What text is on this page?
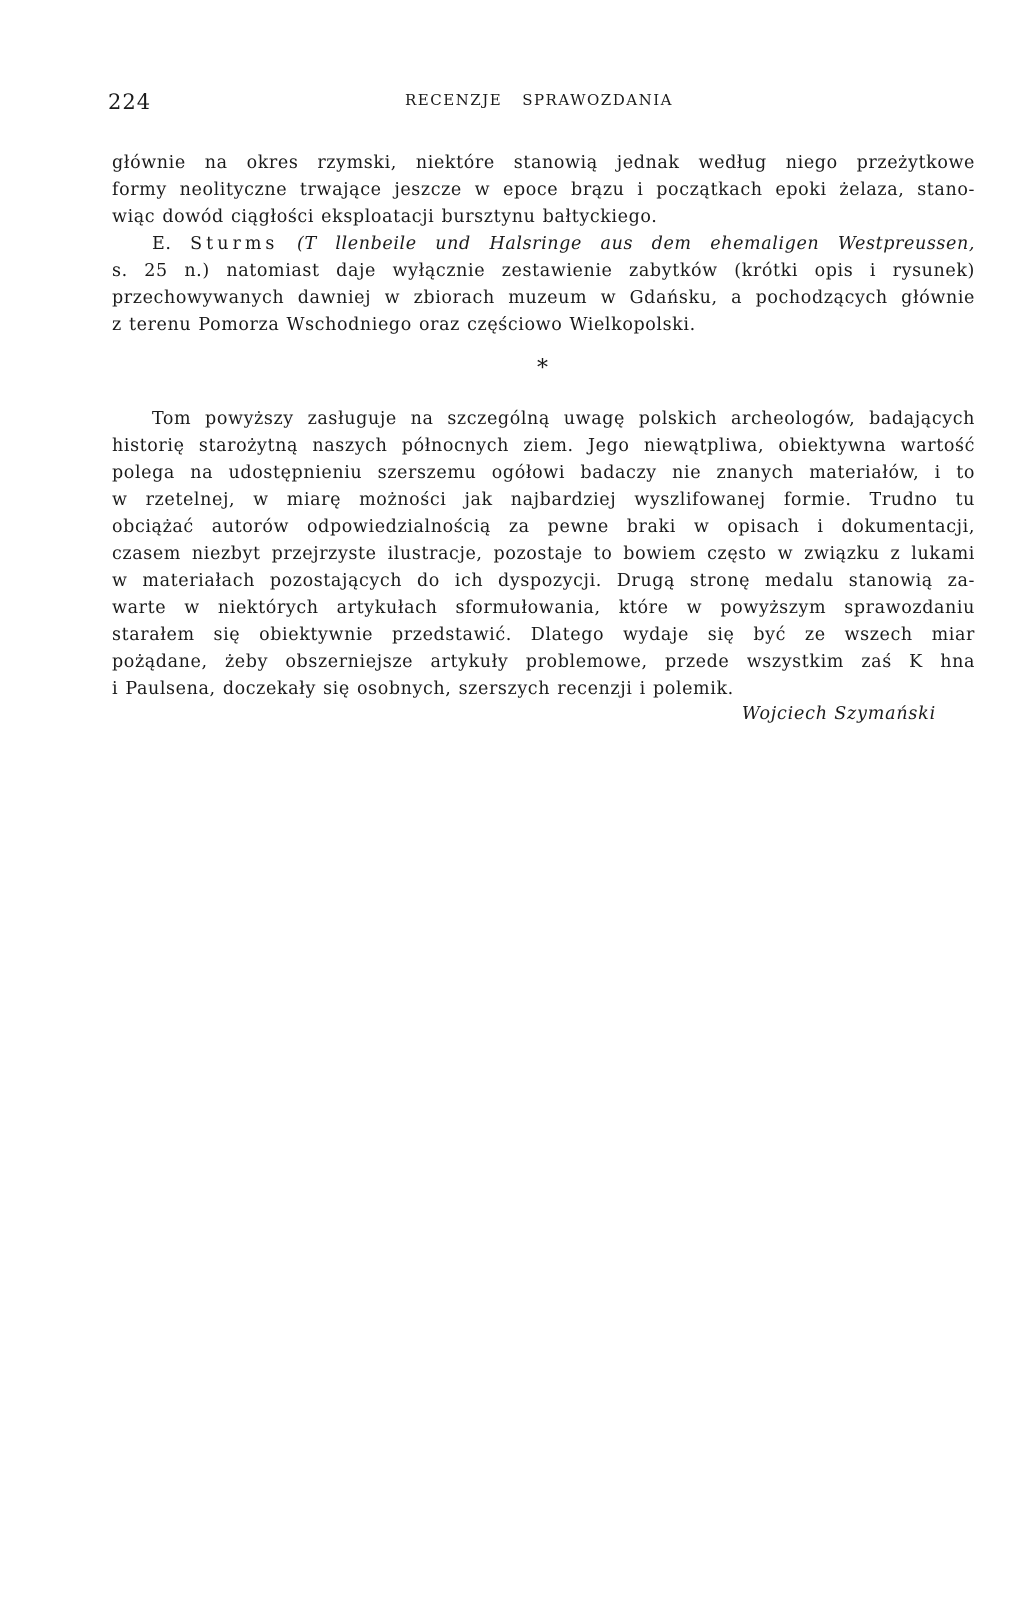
224	RECENZJE SPRAWOZDANIA
głównie na okres rzymski, niektóre stanowią jednak według niego przeżytkowe
formy neolityczne trwające jeszcze w epoce brązu i początkach epoki żelaza, stano-
wiąc dowód ciągłości eksploatacji bursztynu bałtyckiego.
E. Sturms (T llenbeile und Halsringe aus dem ehemaligen Westpreussen,
s. 25 n.) natomiast daje wyłącznie zestawienie zabytków (krótki opis i rysunek)
przechowywanych dawniej w zbiorach muzeum w Gdańsku, a pochodzących głównie
z terenu Pomorza Wschodniego oraz częściowo Wielkopolski.
*
Tom powyższy zasługuje na szczególną uwagę polskich archeologów, badających
historię starożytną naszych północnych ziem. Jego niewątpliwa, obiektywna wartość
polega na udostępnieniu szerszemu ogółowi badaczy nie znanych materiałów, i to
w rzetelnej, w miarę możności jak najbardziej wyszlifowanej formie. Trudno tu
obciążać autorów odpowiedzialnością za pewne braki w opisach i dokumentacji,
czasem niezbyt przejrzyste ilustracje, pozostaje to bowiem często w związku z lukami
w materiałach pozostających do ich dyspozycji. Drugą stronę medalu stanowią za-
warte w niektórych artykułach sformułowania, które w powyższym sprawozdaniu
starałem się obiektywnie przedstawić. Dlatego wydaje się być ze wszech miar
pożądane, żeby obszerniejsze artykuły problemowe, przede wszystkim zaś K hna
i Paulsena, doczekały się osobnych, szerszych recenzji i polemik.
Wojciech Szymański
